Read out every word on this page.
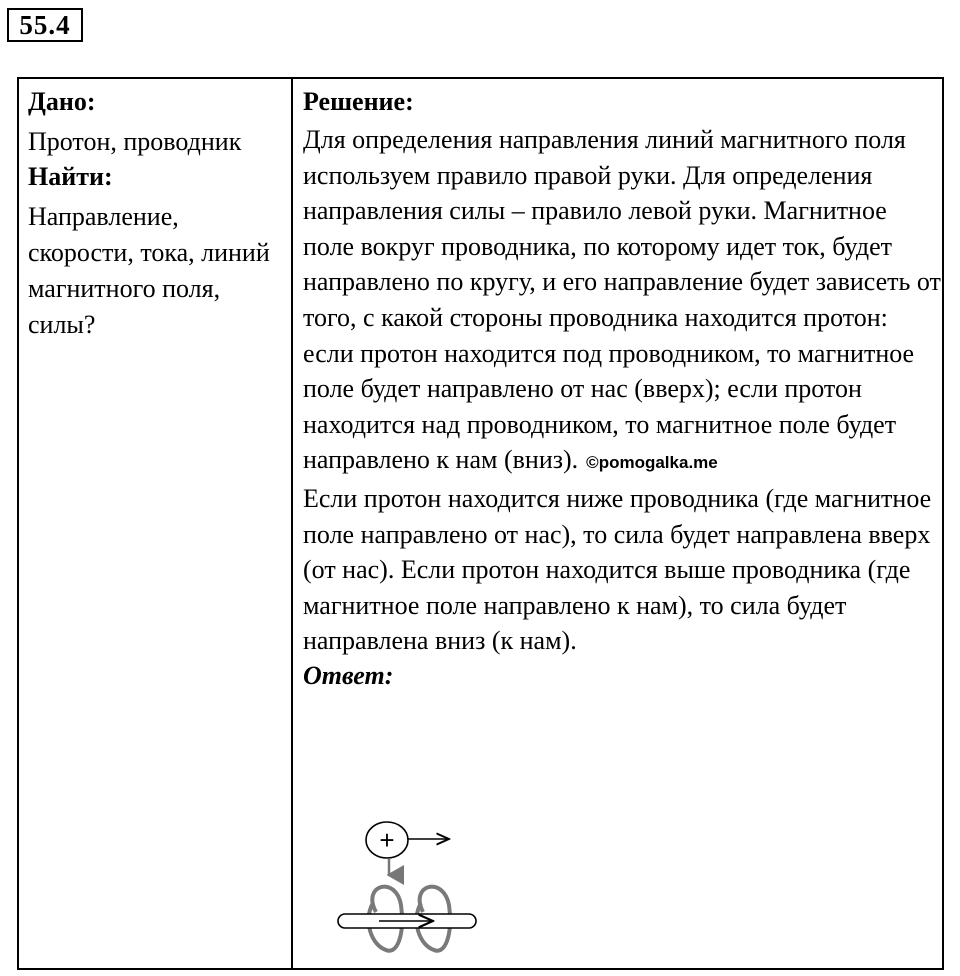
55.4
Дано:
Протон, проводник
Найти:
Направление, скорости, тока, линий магнитного поля, силы?
Решение:

Для определения направления линий магнитного поля используем правило правой руки. Для определения направления силы – правило левой руки. Магнитное поле вокруг проводника, по которому идет ток, будет направлено по кругу, и его направление будет зависеть от того, с какой стороны проводника находится протон: если протон находится под проводником, то магнитное поле будет направлено от нас (вверх); если протон находится над проводником, то магнитное поле будет направлено к нам (вниз). ©pomogalka.me

Если протон находится ниже проводника (где магнитное поле направлено от нас), то сила будет направлена вверх (от нас). Если протон находится выше проводника (где магнитное поле направлено к нам), то сила будет направлена вниз (к нам).

Ответ:
+
